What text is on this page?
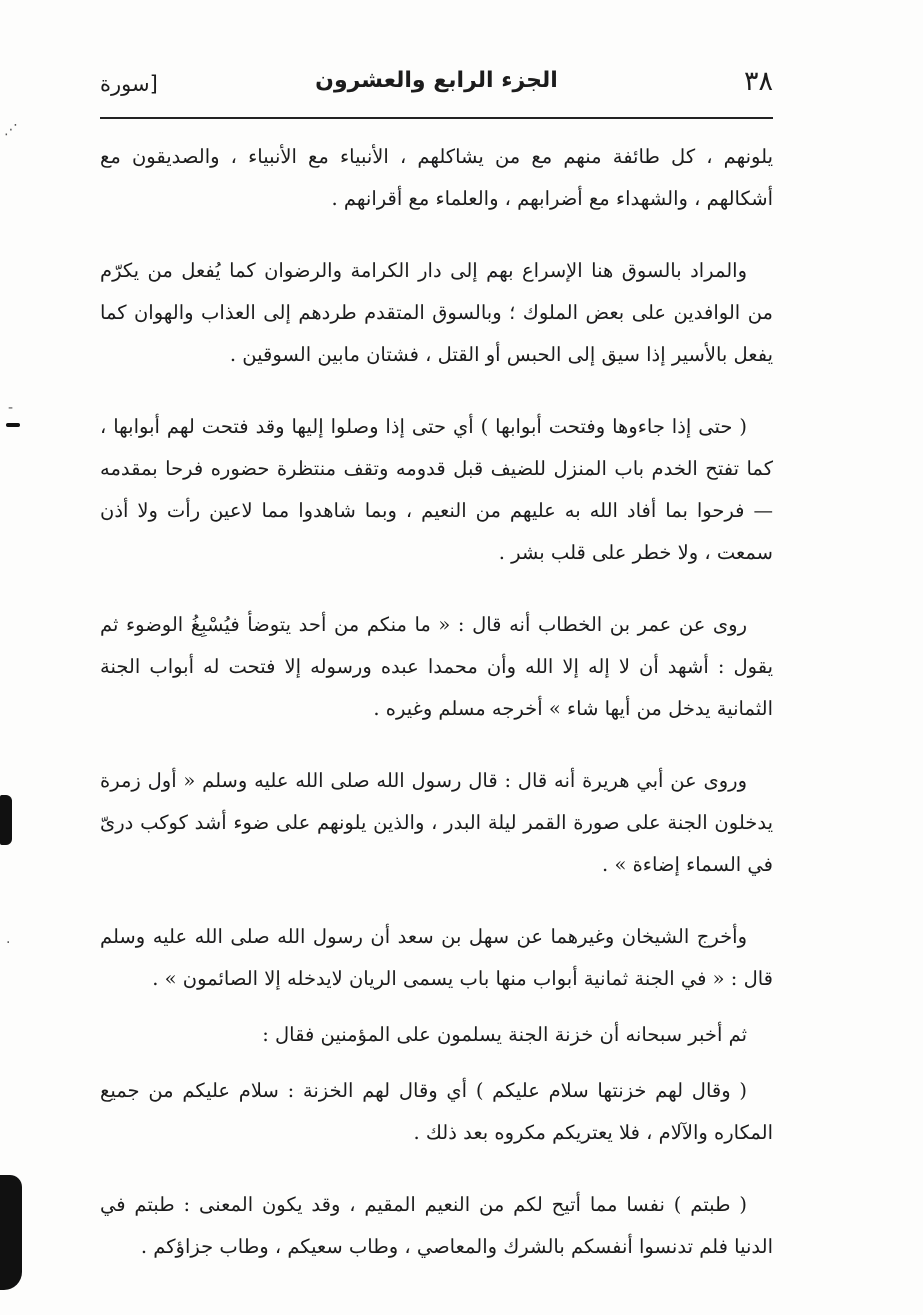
٣٨
الجزء الرابع والعشرون
[سورة

يلونهم ، كل طائفة منهم مع من يشاكلهم ، الأنبياء مع الأنبياء ، والصديقون مع أشكالهم ، والشهداء مع أضرابهم ، والعلماء مع أقرانهم .

والمراد بالسوق هنا الإسراع بهم إلى دار الكرامة والرضوان كما يُفعل من يكرّم من الوافدين على بعض الملوك ؛ وبالسوق المتقدم طردهم إلى العذاب والهوان كما يفعل بالأسير إذا سيق إلى الحبس أو القتل ، فشتان مابين السوقين .

( حتى إذا جاءوها وفتحت أبوابها ) أي حتى إذا وصلوا إليها وقد فتحت لهم أبوابها ، كما تفتح الخدم باب المنزل للضيف قبل قدومه وتقف منتظرة حضوره فرحا بمقدمه — فرحوا بما أفاد الله به عليهم من النعيم ، وبما شاهدوا مما لاعين رأت ولا أذن سمعت ، ولا خطر على قلب بشر .

روى عن عمر بن الخطاب أنه قال : « ما منكم من أحد يتوضأ فيُسْبِغُ الوضوء ثم يقول : أشهد أن لا إله إلا الله وأن محمدا عبده ورسوله إلا فتحت له أبواب الجنة الثمانية يدخل من أيها شاء » أخرجه مسلم وغيره .

وروى عن أبي هريرة أنه قال : قال رسول الله صلى الله عليه وسلم « أول زمرة يدخلون الجنة على صورة القمر ليلة البدر ، والذين يلونهم على ضوء أشد كوكب درىّ في السماء إضاءة » .

وأخرج الشيخان وغيرهما عن سهل بن سعد أن رسول الله صلى الله عليه وسلم قال : « في الجنة ثمانية أبواب منها باب يسمى الريان لايدخله إلا الصائمون » .

ثم أخبر سبحانه أن خزنة الجنة يسلمون على المؤمنين فقال :

( وقال لهم خزنتها سلام عليكم ) أي وقال لهم الخزنة : سلام عليكم من جميع المكاره والآلام ، فلا يعتريكم مكروه بعد ذلك .

( طبتم ) نفسا مما أتيح لكم من النعيم المقيم ، وقد يكون المعنى : طبتم في الدنيا فلم تدنسوا أنفسكم بالشرك والمعاصي ، وطاب سعيكم ، وطاب جزاؤكم .

⋰
-
·
